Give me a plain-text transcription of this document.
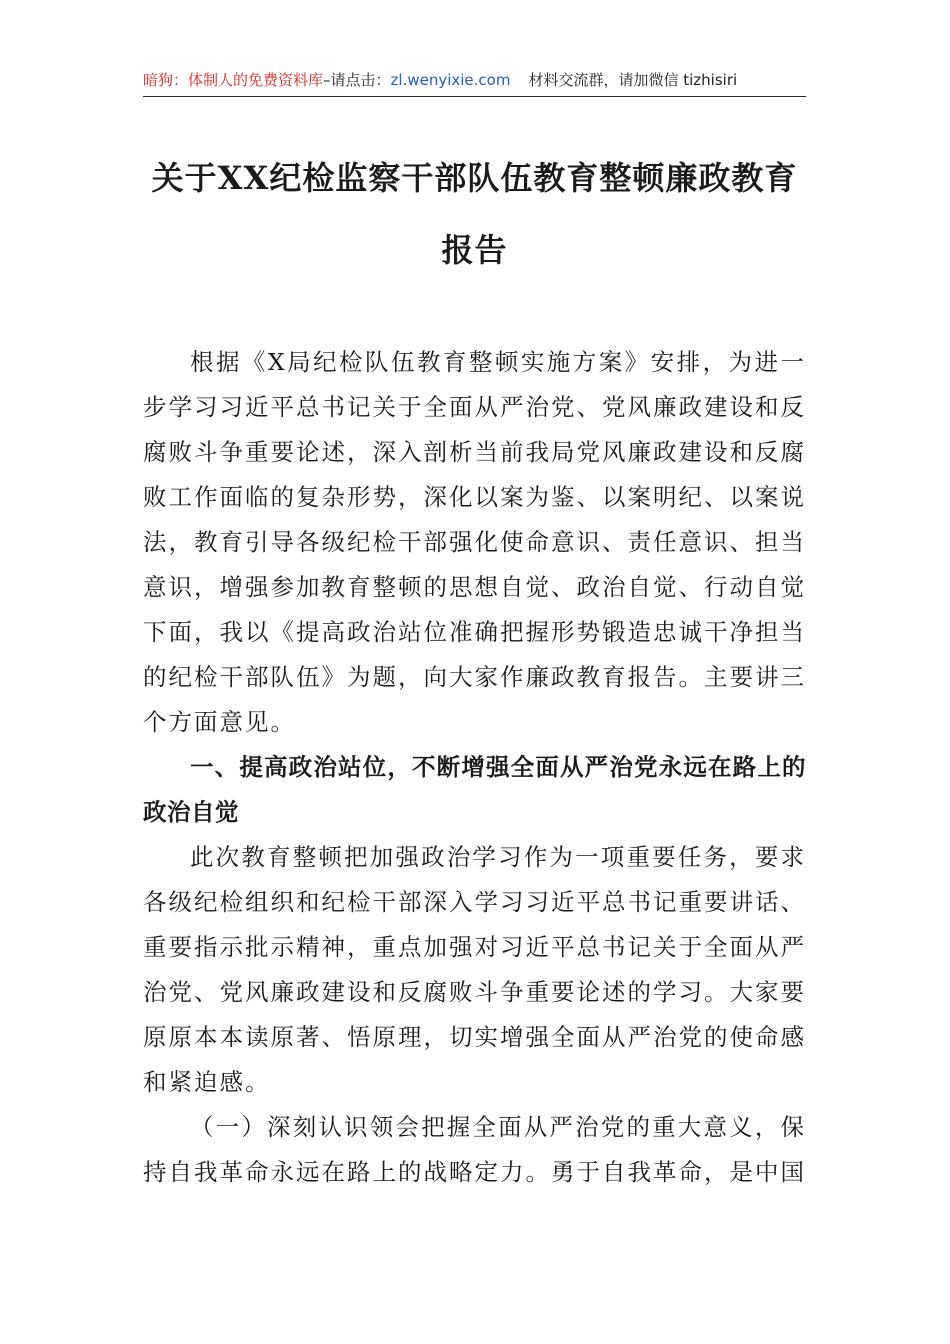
暗狗：体制人的免费资料库–请点击：zl.wenyixie.com 材料交流群，请加微信 tizhisiri
关于XX纪检监察干部队伍教育整顿廉政教育报告

根据《X局纪检队伍教育整顿实施方案》安排，为进一步学习习近平总书记关于全面从严治党、党风廉政建设和反腐败斗争重要论述，深入剖析当前我局党风廉政建设和反腐败工作面临的复杂形势，深化以案为鉴、以案明纪、以案说法，教育引导各级纪检干部强化使命意识、责任意识、担当意识，增强参加教育整顿的思想自觉、政治自觉、行动自觉下面，我以《提高政治站位准确把握形势锻造忠诚干净担当的纪检干部队伍》为题，向大家作廉政教育报告。主要讲三个方面意见。

一、提高政治站位，不断增强全面从严治党永远在路上的政治自觉

此次教育整顿把加强政治学习作为一项重要任务，要求各级纪检组织和纪检干部深入学习习近平总书记重要讲话、重要指示批示精神，重点加强对习近平总书记关于全面从严治党、党风廉政建设和反腐败斗争重要论述的学习。大家要原原本本读原著、悟原理，切实增强全面从严治党的使命感和紧迫感。

（一）深刻认识领会把握全面从严治党的重大意义，保持自我革命永远在路上的战略定力。勇于自我革命，是中国
